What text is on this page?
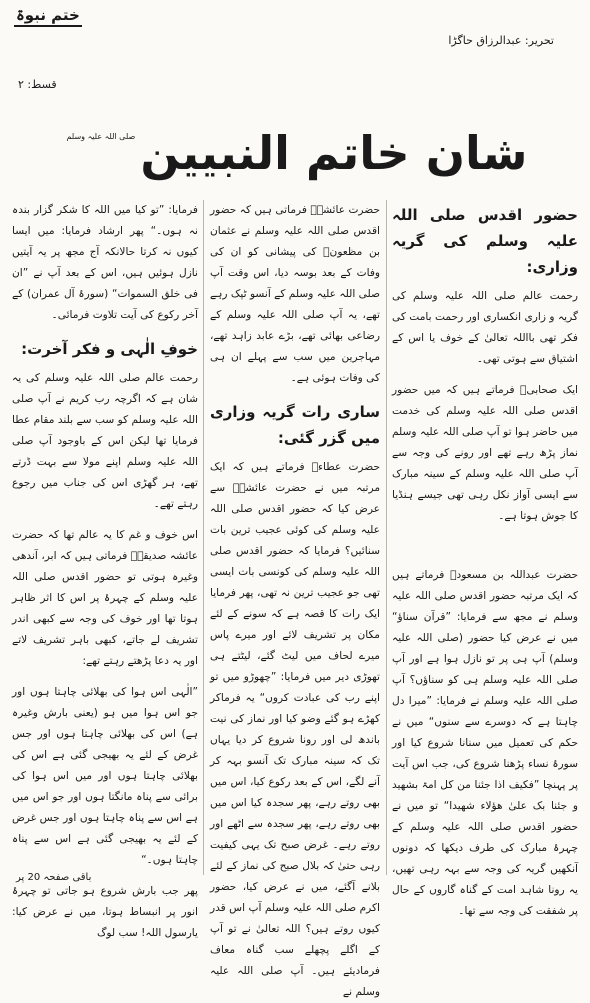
ختم نبوۃ
تحریر: عبدالرزاق حاگڑا
قسط: ۲
صلی اللہ علیہ وسلم شان خاتم النبیین
حضور اقدس صلی اللہ علیہ وسلم کی گریہ وزاری:

رحمت عالم صلی اللہ علیہ وسلم کی گریہ و زاری انکساری اور رحمت بامت کی فکر تھی بااللہ تعالیٰ کے خوف یا اس کے اشتیاق سے ہوتی تھی۔

ایک صحابیؓ فرماتے ہیں کہ میں حضور اقدس صلی اللہ علیہ وسلم کی خدمت میں حاضر ہوا تو آپ صلی اللہ علیہ وسلم نماز پڑھ رہے تھے اور رونے کی وجہ سے آپ صلی اللہ علیہ وسلم کے سینہ مبارک سے ایسی آواز نکل رہی تھی جیسے ہنڈیا کا جوش ہوتا ہے۔

حضرت عبداللہ بن مسعودؓ فرماتے ہیں کہ ایک مرتبہ حضور اقدس صلی اللہ علیہ وسلم نے مجھ سے فرمایا: ”قرآن سناؤ“ میں نے عرض کیا حضور (صلی اللہ علیہ وسلم) آپ ہی پر تو نازل ہوا ہے اور آپ صلی اللہ علیہ وسلم ہی کو سناؤں؟ آپ صلی اللہ علیہ وسلم نے فرمایا: ”میرا دل چاہتا ہے کہ دوسرے سے سنوں“ میں نے حکم کی تعمیل میں سنانا شروع کیا اور سورۂ نساء پڑھنا شروع کی، جب اس آیت پر پہنچا ”فکیف اذا جئنا من کل امۃ بشھید و جئنا بک علیٰ ھؤلاء شھیدا“ تو میں نے حضور اقدس صلی اللہ علیہ وسلم کے چہرۂ مبارک کی طرف دیکھا کہ دونوں آنکھیں گریہ کی وجہ سے بہہ رہی تھیں، یہ رونا شاہد امت کے گناہ گاروں کے حال پر شفقت کی وجہ سے تھا۔

حضرت عائشہؓ فرماتی ہیں کہ حضور اقدس صلی اللہ علیہ وسلم نے عثمان بن مظعونؓ کی پیشانی کو ان کی وفات کے بعد بوسہ دیا، اس وقت آپ صلی اللہ علیہ وسلم کے آنسو ٹپک رہے تھے، یہ آپ صلی اللہ علیہ وسلم کے رضاعی بھائی تھے، بڑے عابد زاہد تھے، مہاجرین میں سب سے پہلے ان ہی کی وفات ہوئی ہے۔

ساری رات گریہ وزاری میں گزر گئی:

حضرت عطاءؒ فرماتے ہیں کہ ایک مرتبہ میں نے حضرت عائشہؓ سے عرض کیا کہ حضور اقدس صلی اللہ علیہ وسلم کی کوئی عجیب ترین بات سنائیں؟ فرمایا کہ حضور اقدس صلی اللہ علیہ وسلم کی کونسی بات ایسی تھی جو عجیب ترین نہ تھی، پھر فرمایا ایک رات کا قصہ ہے کہ سونے کے لئے مکان پر تشریف لائے اور میرے پاس میرے لحاف میں لیٹ گئے، لیٹتے ہی تھوڑی دیر میں فرمایا: ”چھوڑو میں تو اپنے رب کی عبادت کروں“ یہ فرماکر کھڑے ہو گئے وضو کیا اور نماز کی نیت باندھ لی اور رونا شروع کر دیا یہاں تک کہ سینہ مبارک تک آنسو بہہ کر آنے لگے، اس کے بعد رکوع کیا، اس میں بھی روتے رہے، پھر سجدہ کیا اس میں بھی روتے رہے، پھر سجدہ سے اٹھے اور روتے رہے۔ غرض صبح تک یہی کیفیت رہی حتیٰ کہ بلال صبح کی نماز کے لئے بلانے آگئے، میں نے عرض کیا، حضور اکرم صلی اللہ علیہ وسلم آپ اس قدر کیوں روتے ہیں؟ اللہ تعالیٰ نے تو آپ کے اگلے پچھلے سب گناہ معاف فرمادیئے ہیں۔ آپ صلی اللہ علیہ وسلم نے

فرمایا: ”تو کیا میں اللہ کا شکر گزار بندہ نہ ہوں۔“ پھر ارشاد فرمایا: میں ایسا کیوں نہ کرتا حالانکہ آج مجھ پر یہ آیتیں نازل ہوئیں ہیں، اس کے بعد آپ نے ”ان فی خلق السموات“ (سورۂ آل عمران) کے آخر رکوع کی آیت تلاوت فرمائی۔

خوفِ الٰہی و فکر آخرت:

رحمت عالم صلی اللہ علیہ وسلم کی یہ شان ہے کہ اگرچہ رب کریم نے آپ صلی اللہ علیہ وسلم کو سب سے بلند مقام عطا فرمایا تھا لیکن اس کے باوجود آپ صلی اللہ علیہ وسلم اپنے مولا سے بہت ڈرتے تھے، ہر گھڑی اس کی جناب میں رجوع رہتے تھے۔

اس خوف و غم کا یہ عالم تھا کہ حضرت عائشہ صدیقہؓ فرماتی ہیں کہ ابر، آندھی وغیرہ ہوتی تو حضور اقدس صلی اللہ علیہ وسلم کے چہرۂ پر اس کا اثر ظاہر ہوتا تھا اور خوف کی وجہ سے کبھی اندر تشریف لے جاتے، کبھی باہر تشریف لاتے اور یہ دعا پڑھتے رہتے تھے:

”الٰہی اس ہوا کی بھلائی چاہتا ہوں اور جو اس ہوا میں ہو (یعنی بارش وغیرہ ہے) اس کی بھلائی چاہتا ہوں اور جس غرض کے لئے یہ بھیجی گئی ہے اس کی بھلائی چاہتا ہوں اور میں اس ہوا کی برائی سے پناہ مانگتا ہوں اور جو اس میں ہے اس سے پناہ چاہتا ہوں اور جس غرض کے لئے یہ بھیجی گئی ہے اس سے پناہ چاہتا ہوں۔“

پھر جب بارش شروع ہو جاتی تو چہرۂ انور پر انبساط ہوتا، میں نے عرض کیا: یارسول اللہ! سب لوگ

باقی صفحہ 20 پر
